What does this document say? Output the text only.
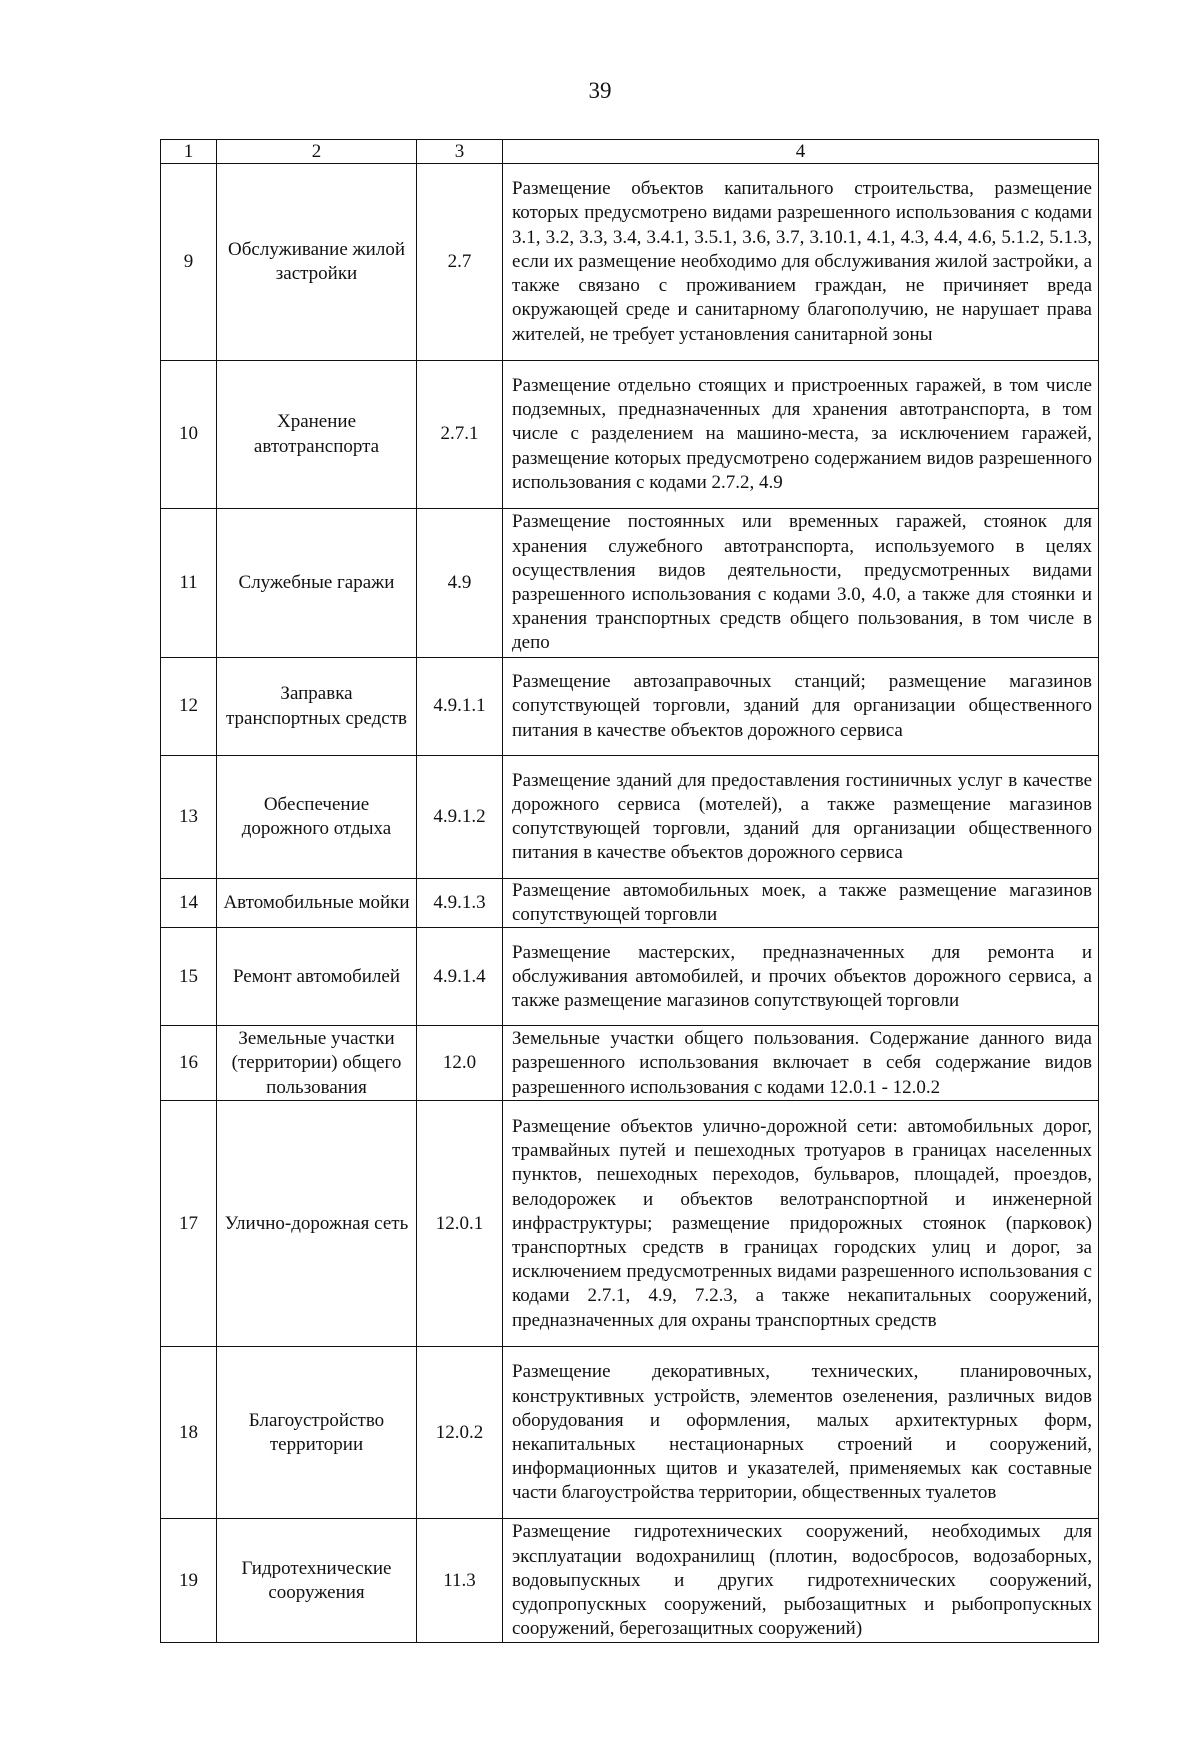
39
1	2	3	4
9	Обслуживание жилой застройки	2.7	Размещение объектов капитального строительства, размещение которых предусмотрено видами разрешенного использования с кодами 3.1, 3.2, 3.3, 3.4, 3.4.1, 3.5.1, 3.6, 3.7, 3.10.1, 4.1, 4.3, 4.4, 4.6, 5.1.2, 5.1.3, если их размещение необходимо для обслуживания жилой застройки, а также связано с проживанием граждан, не причиняет вреда окружающей среде и санитарному благополучию, не нарушает права жителей, не требует установления санитарной зоны
10	Хранение автотранспорта	2.7.1	Размещение отдельно стоящих и пристроенных гаражей, в том числе подземных, предназначенных для хранения автотранспорта, в том числе с разделением на машино-места, за исключением гаражей, размещение которых предусмотрено содержанием видов разрешенного использования с кодами 2.7.2, 4.9
11	Служебные гаражи	4.9	Размещение постоянных или временных гаражей, стоянок для хранения служебного автотранспорта, используемого в целях осуществления видов деятельности, предусмотренных видами разрешенного использования с кодами 3.0, 4.0, а также для стоянки и хранения транспортных средств общего пользования, в том числе в депо
12	Заправка транспортных средств	4.9.1.1	Размещение автозаправочных станций; размещение магазинов сопутствующей торговли, зданий для организации общественного питания в качестве объектов дорожного сервиса
13	Обеспечение дорожного отдыха	4.9.1.2	Размещение зданий для предоставления гостиничных услуг в качестве дорожного сервиса (мотелей), а также размещение магазинов сопутствующей торговли, зданий для организации общественного питания в качестве объектов дорожного сервиса
14	Автомобильные мойки	4.9.1.3	Размещение автомобильных моек, а также размещение магазинов сопутствующей торговли
15	Ремонт автомобилей	4.9.1.4	Размещение мастерских, предназначенных для ремонта и обслуживания автомобилей, и прочих объектов дорожного сервиса, а также размещение магазинов сопутствующей торговли
16	Земельные участки (территории) общего пользования	12.0	Земельные участки общего пользования. Содержание данного вида разрешенного использования включает в себя содержание видов разрешенного использования с кодами 12.0.1 - 12.0.2
17	Улично-дорожная сеть	12.0.1	Размещение объектов улично-дорожной сети: автомобильных дорог, трамвайных путей и пешеходных тротуаров в границах населенных пунктов, пешеходных переходов, бульваров, площадей, проездов, велодорожек и объектов велотранспортной и инженерной инфраструктуры; размещение придорожных стоянок (парковок) транспортных средств в границах городских улиц и дорог, за исключением предусмотренных видами разрешенного использования с кодами 2.7.1, 4.9, 7.2.3, а также некапитальных сооружений, предназначенных для охраны транспортных средств
18	Благоустройство территории	12.0.2	Размещение декоративных, технических, планировочных, конструктивных устройств, элементов озеленения, различных видов оборудования и оформления, малых архитектурных форм, некапитальных нестационарных строений и сооружений, информационных щитов и указателей, применяемых как составные части благоустройства территории, общественных туалетов
19	Гидротехнические сооружения	11.3	Размещение гидротехнических сооружений, необходимых для эксплуатации водохранилищ (плотин, водосбросов, водозаборных, водовыпускных и других гидротехнических сооружений, судопропускных сооружений, рыбозащитных и рыбопропускных сооружений, берегозащитных сооружений)
